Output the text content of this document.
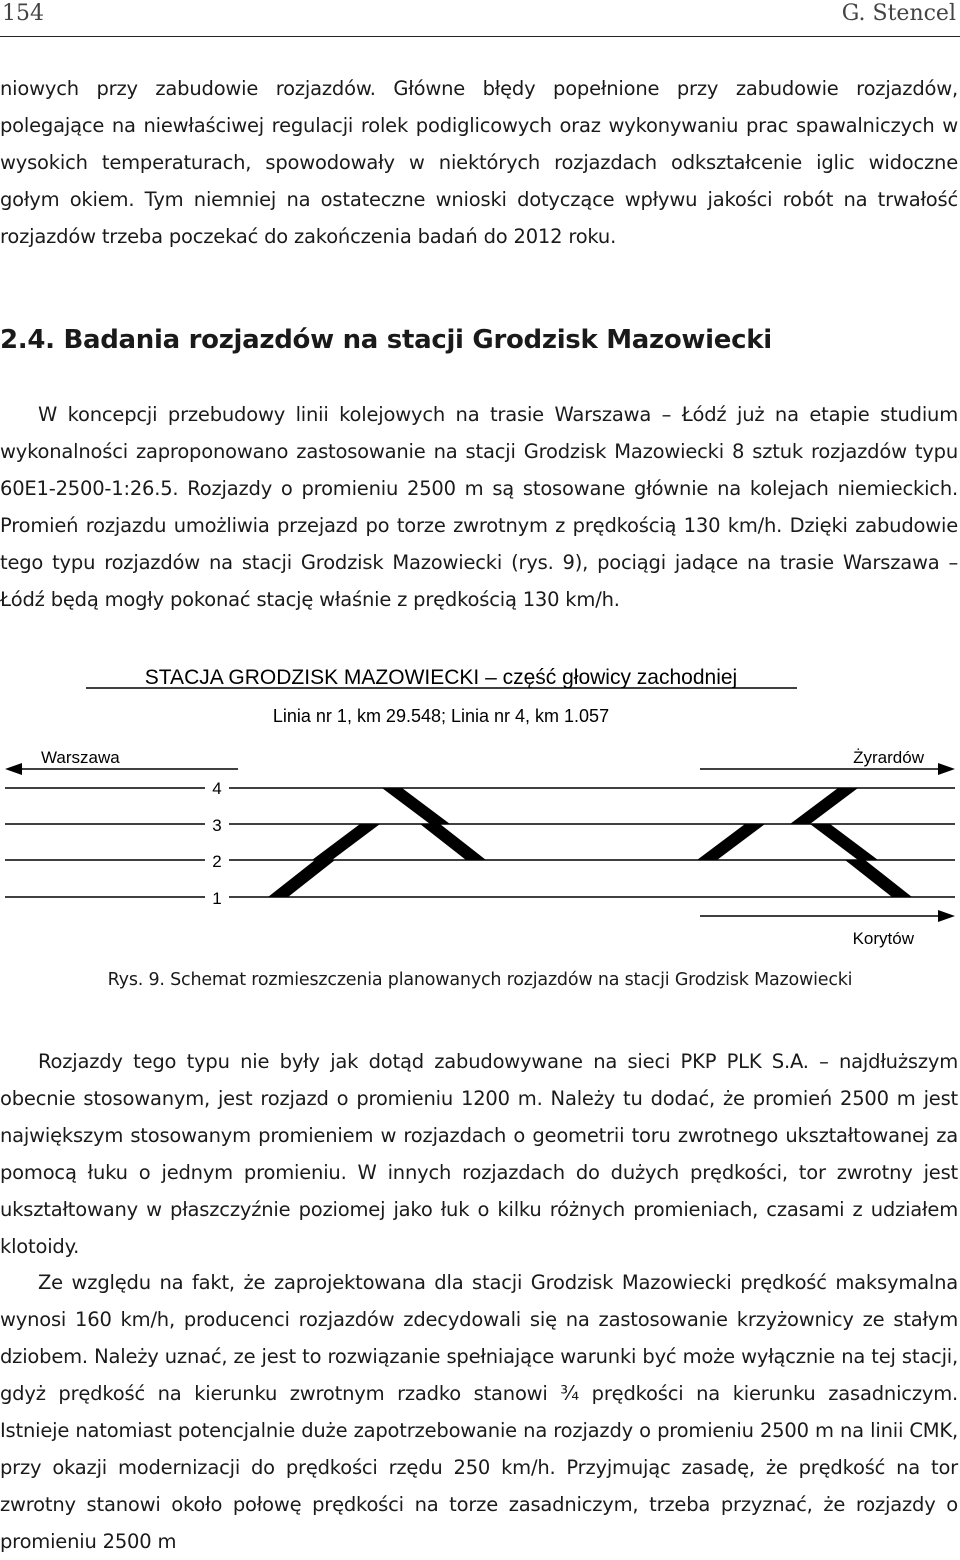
154	G. Stencel

niowych przy zabudowie rozjazdów. Główne błędy popełnione przy zabudowie rozjazdów, polegające na niewłaściwej regulacji rolek podiglicowych oraz wykonywaniu prac spawalniczych w wysokich temperaturach, spowodowały w niektórych rozjazdach odkształcenie iglic widoczne gołym okiem. Tym niemniej na ostateczne wnioski dotyczące wpływu jakości robót na trwałość rozjazdów trzeba poczekać do zakończenia badań do 2012 roku.

2.4. Badania rozjazdów na stacji Grodzisk Mazowiecki

W koncepcji przebudowy linii kolejowych na trasie Warszawa – Łódź już na etapie studium wykonalności zaproponowano zastosowanie na stacji Grodzisk Mazowiecki 8 sztuk rozjazdów typu 60E1-2500-1:26.5. Rozjazdy o promieniu 2500 m są stosowane głównie na kolejach niemieckich. Promień rozjazdu umożliwia przejazd po torze zwrotnym z prędkością 130 km/h. Dzięki zabudowie tego typu rozjazdów na stacji Grodzisk Mazowiecki (rys. 9), pociągi jadące na trasie Warszawa – Łódź będą mogły pokonać stację właśnie z prędkością 130 km/h.

STACJA GRODZISK MAZOWIECKI – część głowicy zachodniej
Linia nr 1, km 29.548; Linia nr 4, km 1.057
Warszawa	Żyrardów
Korytów
4
3
2
1
Rys. 9. Schemat rozmieszczenia planowanych rozjazdów na stacji Grodzisk Mazowiecki

Rozjazdy tego typu nie były jak dotąd zabudowywane na sieci PKP PLK S.A. – najdłuższym obecnie stosowanym, jest rozjazd o promieniu 1200 m. Należy tu dodać, że promień 2500 m jest największym stosowanym promieniem w rozjazdach o geometrii toru zwrotnego ukształtowanej za pomocą łuku o jednym promieniu. W innych rozjazdach do dużych prędkości, tor zwrotny jest ukształtowany w płaszczyźnie poziomej jako łuk o kilku różnych promieniach, czasami z udziałem klotoidy.

Ze względu na fakt, że zaprojektowana dla stacji Grodzisk Mazowiecki prędkość maksymalna wynosi 160 km/h, producenci rozjazdów zdecydowali się na zastosowanie krzyżownicy ze stałym dziobem. Należy uznać, ze jest to rozwiązanie spełniające warunki być może wyłącznie na tej stacji, gdyż prędkość na kierunku zwrotnym rzadko stanowi ¾ prędkości na kierunku zasadniczym. Istnieje natomiast potencjalnie duże zapotrzebowanie na rozjazdy o promieniu 2500 m na linii CMK, przy okazji modernizacji do prędkości rzędu 250 km/h. Przyjmując zasadę, że prędkość na tor zwrotny stanowi około połowę prędkości na torze zasadniczym, trzeba przyznać, że rozjazdy o promieniu 2500 m
